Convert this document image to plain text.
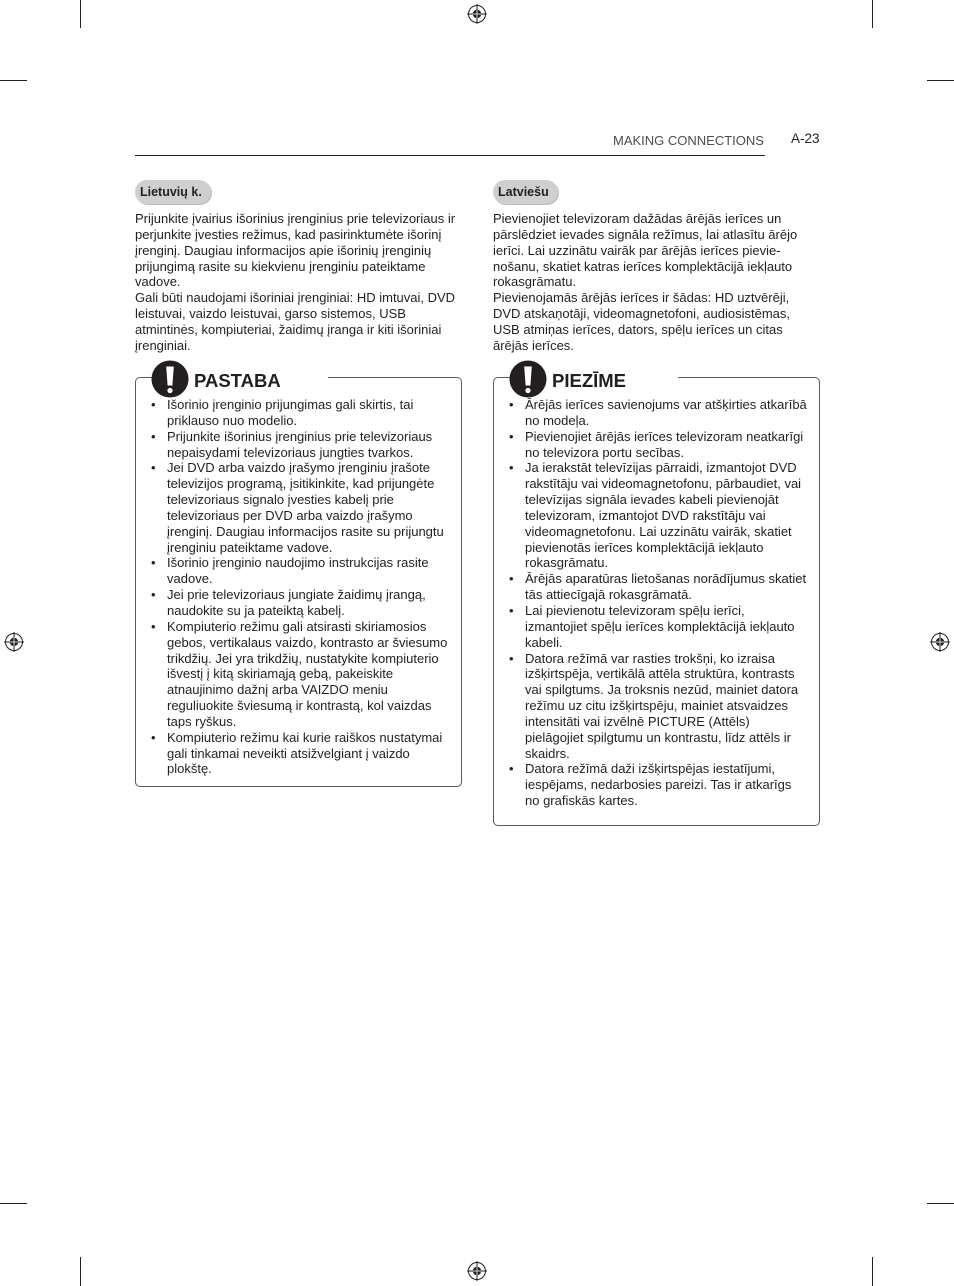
MAKING CONNECTIONS A-23
Lietuvių k.

Prijunkite įvairius išorinius įrenginius prie televizoriaus ir perjunkite įvesties režimus, kad pasirinktumėte išorinį įrenginį. Daugiau informacijos apie išorinių įrenginių prijungimą rasite su kiekvienu įrenginiu pateiktame vadove.

Gali būti naudojami išoriniai įrenginiai: HD imtuvai, DVD leistuvai, vaizdo leistuvai, garso sistemos, USB atmintinės, kompiuteriai, žaidimų įranga ir kiti išoriniai įrenginiai.

PASTABA
• Išorinio įrenginio prijungimas gali skirtis, tai priklauso nuo modelio.
• Prijunkite išorinius įrenginius prie televizoriaus nepaisydami televizoriaus jungties tvarkos.
• Jei DVD arba vaizdo įrašymo įrenginiu įrašote televizijos programą, įsitikinkite, kad prijungėte televizoriaus signalo įvesties kabelį prie televizoriaus per DVD arba vaizdo įrašymo įrenginį. Daugiau informacijos rasite su prijungtu įrenginiu pateiktame vadove.
• Išorinio įrenginio naudojimo instrukcijas rasite vadove.
• Jei prie televizoriaus jungiate žaidimų įrangą, naudokite su ja pateiktą kabelį.
• Kompiuterio režimu gali atsirasti skiriamosios gebos, vertikalaus vaizdo, kontrasto ar šviesumo trikdžių. Jei yra trikdžių, nustatykite kompiuterio išvestį į kitą skiriamąją gebą, pakeiskite atnaujinimo dažnį arba VAIZDO meniu reguliuokite šviesumą ir kontrastą, kol vaizdas taps ryškus.
• Kompiuterio režimu kai kurie raiškos nustatymai gali tinkamai neveikti atsižvelgiant į vaizdo plokštę.
Latviešu

Pievienojiet televizoram dažādas ārējās ierīces un pārslēdziet ievades signāla režīmus, lai atlasītu ārējo ierīci. Lai uzzinātu vairāk par ārējās ierīces pievienošanu, skatiet katras ierīces komplektācijā iekļauto rokasgrāmatu.

Pievienojamās ārējās ierīces ir šādas: HD uztvērēji, DVD atskaņotāji, videomagnetofoni, audiosistēmas, USB atmiņas ierīces, dators, spēļu ierīces un citas ārējās ierīces.

PIEZĪME
• Ārējās ierīces savienojums var atšķirties atkarībā no modeļa.
• Pievienojiet ārējās ierīces televizoram neatkarīgi no televizora portu secības.
• Ja ierakstāt televīzijas pārraidi, izmantojot DVD rakstītāju vai videomagnetofonu, pārbaudiet, vai televīzijas signāla ievades kabeli pievienojāt televizoram, izmantojot DVD rakstītāju vai videomagnetofonu. Lai uzzinātu vairāk, skatiet pievienotās ierīces komplektācijā iekļauto rokasgrāmatu.
• Ārējās aparatūras lietošanas norādījumus skatiet tās attiecīgajā rokasgrāmatā.
• Lai pievienotu televizoram spēļu ierīci, izmantojiet spēļu ierīces komplektācijā iekļauto kabeli.
• Datora režīmā var rasties trokšņi, ko izraisa izšķirtspēja, vertikālā attēla struktūra, kontrasts vai spilgtums. Ja troksnis nezūd, mainiet datora režīmu uz citu izšķirtspēju, mainiet atsvaidzes intensitāti vai izvēlnē PICTURE (Attēls) pielāgojiet spilgtumu un kontrastu, līdz attēls ir skaidrs.
• Datora režīmā daži izšķirtspējas iestatījumi, iespējams, nedarbosies pareizi. Tas ir atkarīgs no grafiskās kartes.
